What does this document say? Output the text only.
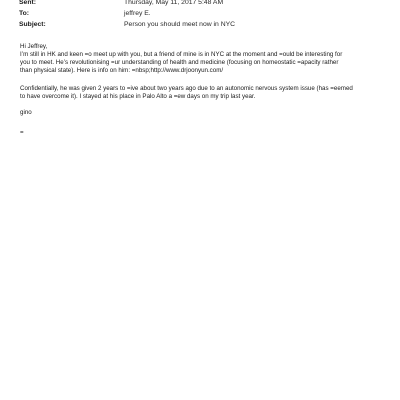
Sent:	Thursday, May 11, 2017 5:48 AM
To:	jeffrey E.
Subject:	Person you should meet now in NYC

Hi Jeffrey,

I’m still in HK and keen =o meet up with you, but a friend of mine is in NYC at the moment and =ould be interesting for
you to meet. He’s revolutionising =ur understanding of health and medicine (focusing on homeostatic =apacity rather
than physical state). Here is info on him: =nbsp;http://www.drjoonyun.com/

Confidentially, he was given 2 years to =ive about two years ago due to an autonomic nervous system issue (has =eemed
to have overcome it). I stayed at his place in Palo Alto a =ew days on my trip last year.

gino

=
